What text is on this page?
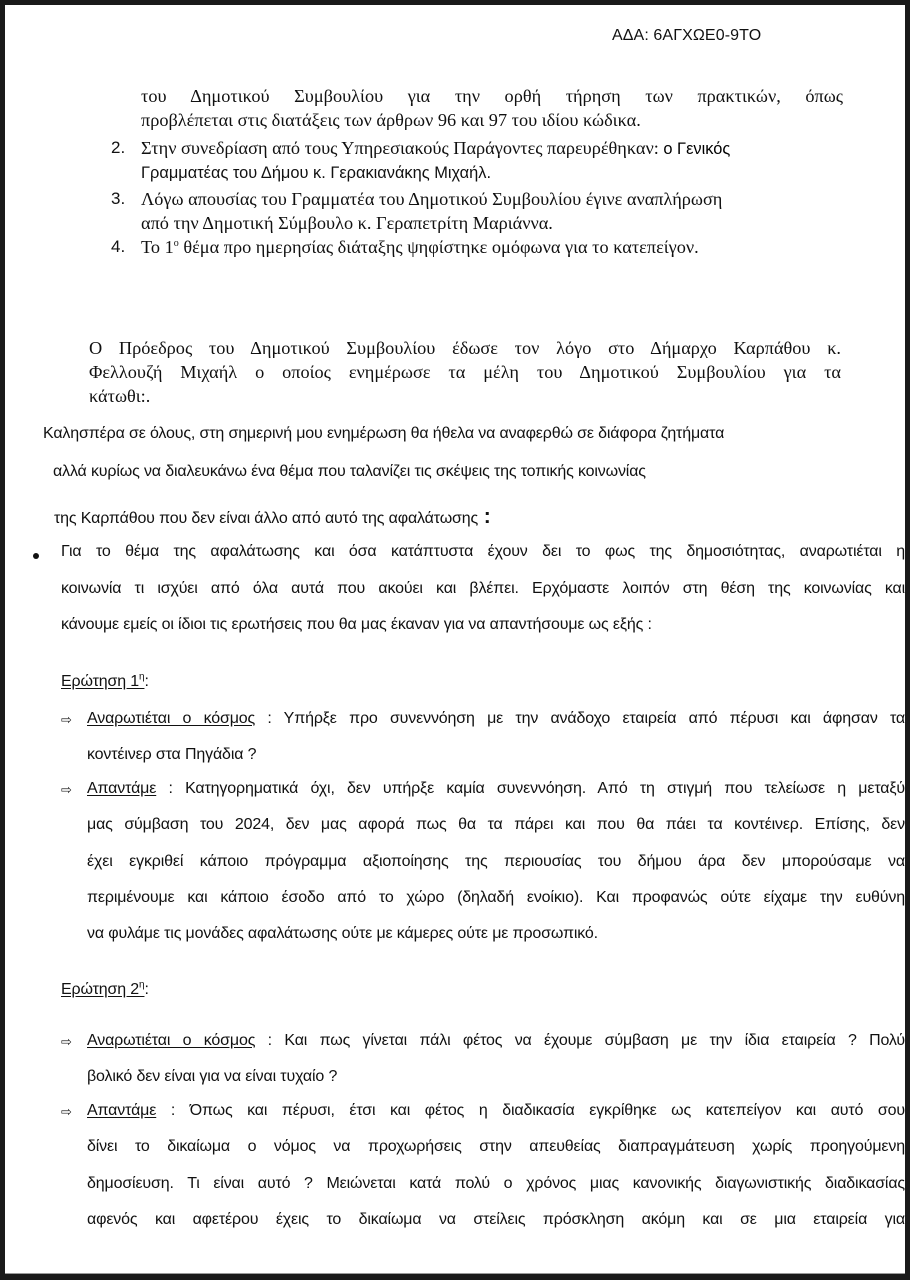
ΑΔΑ: 6ΑΓΧΩΕ0-9ΤΟ
του Δημοτικού Συμβουλίου για την ορθή τήρηση των πρακτικών, όπως
προβλέπεται στις διατάξεις των άρθρων 96 και 97 του ιδίου κώδικα.
2. Στην συνεδρίαση από τους Υπηρεσιακούς Παράγοντες παρευρέθηκαν: ο Γενικός
Γραμματέας του Δήμου κ. Γερακιανάκης Μιχαήλ.
3. Λόγω απουσίας του Γραμματέα του Δημοτικού Συμβουλίου έγινε αναπλήρωση
από την Δημοτική Σύμβουλο κ. Γεραπετρίτη Μαριάννα.
4. Το $1^o$ θέμα προ ημερησίας διάταξης ψηφίστηκε ομόφωνα για το κατεπείγον.
Ο Πρόεδρος του Δημοτικού Συμβουλίου έδωσε τον λόγο στο Δήμαρχο Καρπάθου κ.
Φελλουζή Μιχαήλ ο οποίος ενημέρωσε τα μέλη του Δημοτικού Συμβουλίου για τα
κάτωθι:.
Καλησπέρα σε όλους, στη σημερινή μου ενημέρωση θα ήθελα να αναφερθώ σε διάφορα ζητήματα
αλλά κυρίως να διαλευκάνω ένα θέμα που ταλανίζει τις σκέψεις της τοπικής κοινωνίας
της Καρπάθου που δεν είναι άλλο από αυτό της αφαλάτωσης :
Για το θέμα της αφαλάτωσης και όσα κατάπτυστα έχουν δει το φως της δημοσιότητας, αναρωτιέται η
κοινωνία τι ισχύει από όλα αυτά που ακούει και βλέπει. Ερχόμαστε λοιπόν στη θέση της κοινωνίας και
κάνουμε εμείς οι ίδιοι τις ερωτήσεις που θα μας έκαναν για να απαντήσουμε ως εξής :
Ερώτηση $1^\eta$:
⇨ Αναρωτιέται ο κόσμος : Υπήρξε προ συνεννόηση με την ανάδοχο εταιρεία από πέρυσι και άφησαν τα
κοντέινερ στα Πηγάδια ?
⇨ Απαντάμε : Κατηγορηματικά όχι, δεν υπήρξε καμία συνεννόηση. Από τη στιγμή που τελείωσε η μεταξύ
μας σύμβαση του 2024, δεν μας αφορά πως θα τα πάρει και που θα πάει τα κοντέινερ. Επίσης, δεν
έχει εγκριθεί κάποιο πρόγραμμα αξιοποίησης της περιουσίας του δήμου άρα δεν μπορούσαμε να
περιμένουμε και κάποιο έσοδο από το χώρο (δηλαδή ενοίκιο). Και προφανώς ούτε είχαμε την ευθύνη
να φυλάμε τις μονάδες αφαλάτωσης ούτε με κάμερες ούτε με προσωπικό.
Ερώτηση $2^\eta$:
⇨ Αναρωτιέται ο κόσμος : Και πως γίνεται πάλι φέτος να έχουμε σύμβαση με την ίδια εταιρεία ? Πολύ
βολικό δεν είναι για να είναι τυχαίο ?
⇨ Απαντάμε : Όπως και πέρυσι, έτσι και φέτος η διαδικασία εγκρίθηκε ως κατεπείγον και αυτό σου
δίνει το δικαίωμα ο νόμος να προχωρήσεις στην απευθείας διαπραγμάτευση χωρίς προηγούμενη
δημοσίευση. Τι είναι αυτό ? Μειώνεται κατά πολύ ο χρόνος μιας κανονικής διαγωνιστικής διαδικασίας
αφενός και αφετέρου έχεις το δικαίωμα να στείλεις πρόσκληση ακόμη και σε μια εταιρεία για
